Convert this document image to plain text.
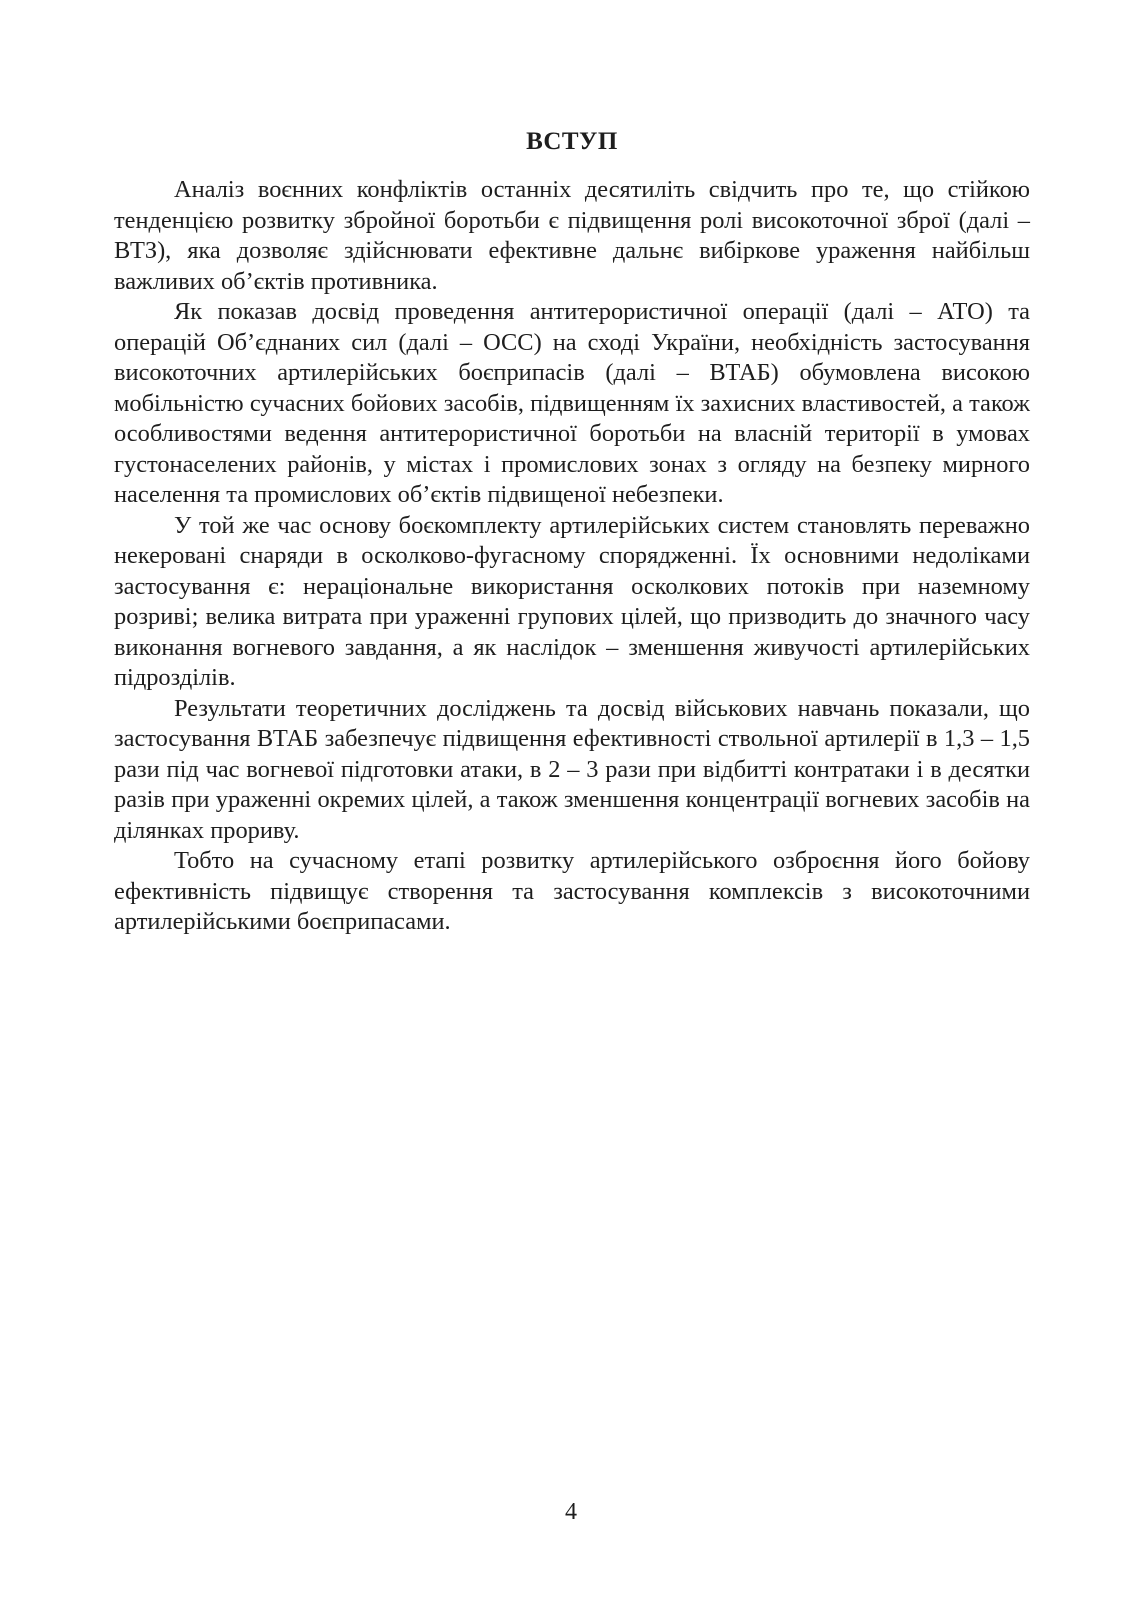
ВСТУП

Аналіз воєнних конфліктів останніх десятиліть свідчить про те, що стійкою тенденцією розвитку збройної боротьби є підвищення ролі високоточної зброї (далі – ВТЗ), яка дозволяє здійснювати ефективне дальнє вибіркове ураження найбільш важливих об’єктів противника.

Як показав досвід проведення антитерористичної операції (далі – АТО) та операцій Об’єднаних сил (далі – ОСС) на сході України, необхідність застосування високоточних артилерійських боєприпасів (далі – ВТАБ) обумовлена високою мобільністю сучасних бойових засобів, підвищенням їх захисних властивостей, а також особливостями ведення антитерористичної боротьби на власній території в умовах густонаселених районів, у містах і промислових зонах з огляду на безпеку мирного населення та промислових об’єктів підвищеної небезпеки.

У той же час основу боєкомплекту артилерійських систем становлять переважно некеровані снаряди в осколково-фугасному спорядженні. Їх основними недоліками застосування є: нераціональне використання осколкових потоків при наземному розриві; велика витрата при ураженні групових цілей, що призводить до значного часу виконання вогневого завдання, а як наслідок – зменшення живучості артилерійських підрозділів.

Результати теоретичних досліджень та досвід військових навчань показали, що застосування ВТАБ забезпечує підвищення ефективності ствольної артилерії в 1,3 – 1,5 рази під час вогневої підготовки атаки, в 2 – 3 рази при відбитті контратаки і в десятки разів при ураженні окремих цілей, а також зменшення концентрації вогневих засобів на ділянках прориву.

Тобто на сучасному етапі розвитку артилерійського озброєння його бойову ефективність підвищує створення та застосування комплексів з високоточними артилерійськими боєприпасами.

4
